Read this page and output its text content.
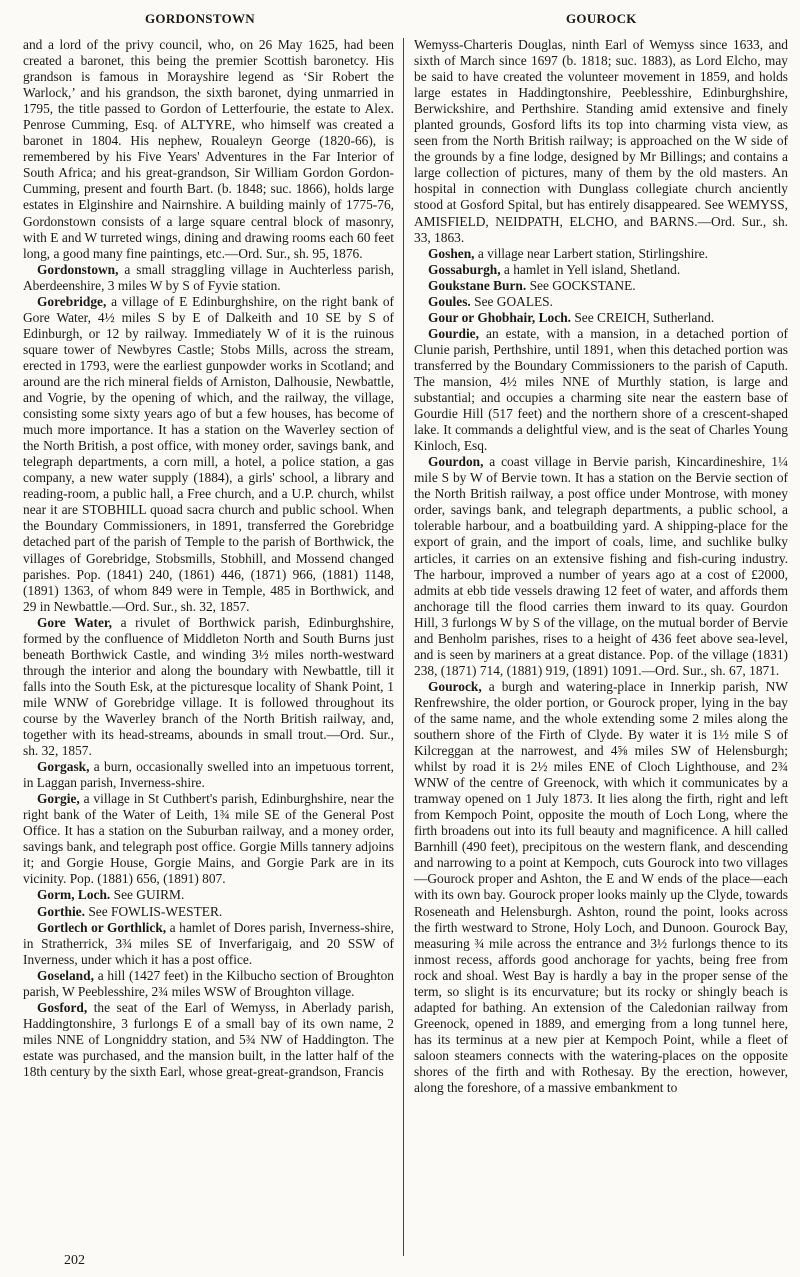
GORDONSTOWN	GOUROCK

and a lord of the privy council, who, on 26 May 1625, had been created a baronet, this being the premier Scottish baronetcy. His grandson is famous in Morayshire legend as ‘Sir Robert the Warlock,’ and his grandson, the sixth baronet, dying unmarried in 1795, the title passed to Gordon of Letterfourie, the estate to Alex. Penrose Cumming, Esq. of ALTYRE, who himself was created a baronet in 1804. His nephew, Roualeyn George (1820-66), is remembered by his Five Years' Adventures in the Far Interior of South Africa; and his great-grandson, Sir William Gordon Gordon-Cumming, present and fourth Bart. (b. 1848; suc. 1866), holds large estates in Elginshire and Nairnshire. A building mainly of 1775-76, Gordonstown consists of a large square central block of masonry, with E and W turreted wings, dining and drawing rooms each 60 feet long, a good many fine paintings, etc.—Ord. Sur., sh. 95, 1876.

Gordonstown, a small straggling village in Auchterless parish, Aberdeenshire, 3 miles W by S of Fyvie station.

Gorebridge, a village of E Edinburghshire, on the right bank of Gore Water, 4½ miles S by E of Dalkeith and 10 SE by S of Edinburgh, or 12 by railway. Immediately W of it is the ruinous square tower of Newbyres Castle; Stobs Mills, across the stream, erected in 1793, were the earliest gunpowder works in Scotland; and around are the rich mineral fields of Arniston, Dalhousie, Newbattle, and Vogrie, by the opening of which, and the railway, the village, consisting some sixty years ago of but a few houses, has become of much more importance. It has a station on the Waverley section of the North British, a post office, with money order, savings bank, and telegraph departments, a corn mill, a hotel, a police station, a gas company, a new water supply (1884), a girls' school, a library and reading-room, a public hall, a Free church, and a U.P. church, whilst near it are STOBHILL quoad sacra church and public school. When the Boundary Commissioners, in 1891, transferred the Gorebridge detached part of the parish of Temple to the parish of Borthwick, the villages of Gorebridge, Stobsmills, Stobhill, and Mossend changed parishes. Pop. (1841) 240, (1861) 446, (1871) 966, (1881) 1148, (1891) 1363, of whom 849 were in Temple, 485 in Borthwick, and 29 in Newbattle.—Ord. Sur., sh. 32, 1857.

Gore Water, a rivulet of Borthwick parish, Edinburghshire, formed by the confluence of Middleton North and South Burns just beneath Borthwick Castle, and winding 3½ miles north-westward through the interior and along the boundary with Newbattle, till it falls into the South Esk, at the picturesque locality of Shank Point, 1 mile WNW of Gorebridge village. It is followed throughout its course by the Waverley branch of the North British railway, and, together with its head-streams, abounds in small trout.—Ord. Sur., sh. 32, 1857.

Gorgask, a burn, occasionally swelled into an impetuous torrent, in Laggan parish, Inverness-shire.

Gorgie, a village in St Cuthbert's parish, Edinburghshire, near the right bank of the Water of Leith, 1¾ mile SE of the General Post Office. It has a station on the Suburban railway, and a money order, savings bank, and telegraph post office. Gorgie Mills tannery adjoins it; and Gorgie House, Gorgie Mains, and Gorgie Park are in its vicinity. Pop. (1881) 656, (1891) 807.

Gorm, Loch. See GUIRM.

Gorthie. See FOWLIS-WESTER.

Gortlech or Gorthlick, a hamlet of Dores parish, Inverness-shire, in Stratherrick, 3¾ miles SE of Inverfarigaig, and 20 SSW of Inverness, under which it has a post office.

Goseland, a hill (1427 feet) in the Kilbucho section of Broughton parish, W Peeblesshire, 2¾ miles WSW of Broughton village.

Gosford, the seat of the Earl of Wemyss, in Aberlady parish, Haddingtonshire, 3 furlongs E of a small bay of its own name, 2 miles NNE of Longniddry station, and 5¾ NW of Haddington. The estate was purchased, and the mansion built, in the latter half of the 18th century by the sixth Earl, whose great-great-grandson, Francis

Wemyss-Charteris Douglas, ninth Earl of Wemyss since 1633, and sixth of March since 1697 (b. 1818; suc. 1883), as Lord Elcho, may be said to have created the volunteer movement in 1859, and holds large estates in Haddingtonshire, Peeblesshire, Edinburghshire, Berwickshire, and Perthshire. Standing amid extensive and finely planted grounds, Gosford lifts its top into charming vista view, as seen from the North British railway; is approached on the W side of the grounds by a fine lodge, designed by Mr Billings; and contains a large collection of pictures, many of them by the old masters. An hospital in connection with Dunglass collegiate church anciently stood at Gosford Spital, but has entirely disappeared. See WEMYSS, AMISFIELD, NEIDPATH, ELCHO, and BARNS.—Ord. Sur., sh. 33, 1863.

Goshen, a village near Larbert station, Stirlingshire.

Gossaburgh, a hamlet in Yell island, Shetland.

Goukstane Burn. See GOCKSTANE.

Goules. See GOALES.

Gour or Ghobhair, Loch. See CREICH, Sutherland.

Gourdie, an estate, with a mansion, in a detached portion of Clunie parish, Perthshire, until 1891, when this detached portion was transferred by the Boundary Commissioners to the parish of Caputh. The mansion, 4½ miles NNE of Murthly station, is large and substantial; and occupies a charming site near the eastern base of Gourdie Hill (517 feet) and the northern shore of a crescent-shaped lake. It commands a delightful view, and is the seat of Charles Young Kinloch, Esq.

Gourdon, a coast village in Bervie parish, Kincardineshire, 1¼ mile S by W of Bervie town. It has a station on the Bervie section of the North British railway, a post office under Montrose, with money order, savings bank, and telegraph departments, a public school, a tolerable harbour, and a boatbuilding yard. A shipping-place for the export of grain, and the import of coals, lime, and suchlike bulky articles, it carries on an extensive fishing and fish-curing industry. The harbour, improved a number of years ago at a cost of £2000, admits at ebb tide vessels drawing 12 feet of water, and affords them anchorage till the flood carries them inward to its quay. Gourdon Hill, 3 furlongs W by S of the village, on the mutual border of Bervie and Benholm parishes, rises to a height of 436 feet above sea-level, and is seen by mariners at a great distance. Pop. of the village (1831) 238, (1871) 714, (1881) 919, (1891) 1091.—Ord. Sur., sh. 67, 1871.

Gourock, a burgh and watering-place in Innerkip parish, NW Renfrewshire, the older portion, or Gourock proper, lying in the bay of the same name, and the whole extending some 2 miles along the southern shore of the Firth of Clyde. By water it is 1½ mile S of Kilcreggan at the narrowest, and 4⅝ miles SW of Helensburgh; whilst by road it is 2½ miles ENE of Cloch Lighthouse, and 2¾ WNW of the centre of Greenock, with which it communicates by a tramway opened on 1 July 1873. It lies along the firth, right and left from Kempoch Point, opposite the mouth of Loch Long, where the firth broadens out into its full beauty and magnificence. A hill called Barnhill (490 feet), precipitous on the western flank, and descending and narrowing to a point at Kempoch, cuts Gourock into two villages—Gourock proper and Ashton, the E and W ends of the place—each with its own bay. Gourock proper looks mainly up the Clyde, towards Roseneath and Helensburgh. Ashton, round the point, looks across the firth westward to Strone, Holy Loch, and Dunoon. Gourock Bay, measuring ¾ mile across the entrance and 3½ furlongs thence to its inmost recess, affords good anchorage for yachts, being free from rock and shoal. West Bay is hardly a bay in the proper sense of the term, so slight is its encurvature; but its rocky or shingly beach is adapted for bathing. An extension of the Caledonian railway from Greenock, opened in 1889, and emerging from a long tunnel here, has its terminus at a new pier at Kempoch Point, while a fleet of saloon steamers connects with the watering-places on the opposite shores of the firth and with Rothesay. By the erection, however, along the foreshore, of a massive embankment to

202
